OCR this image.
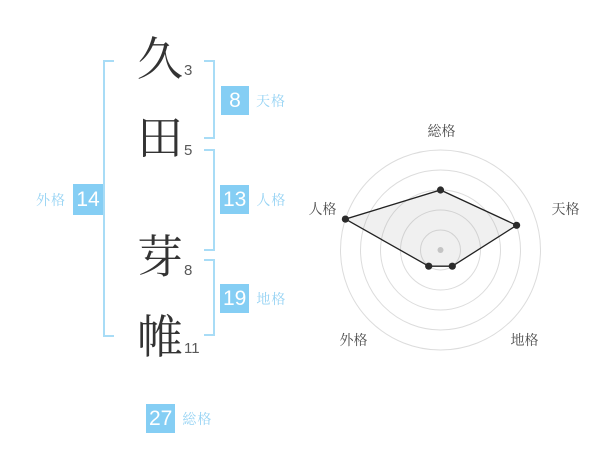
久
田
芽
帷
3
5
8
11
8	天格
13 人格
19 地格
外格 14
27 総格
総格
天格
地格
外格
人格
